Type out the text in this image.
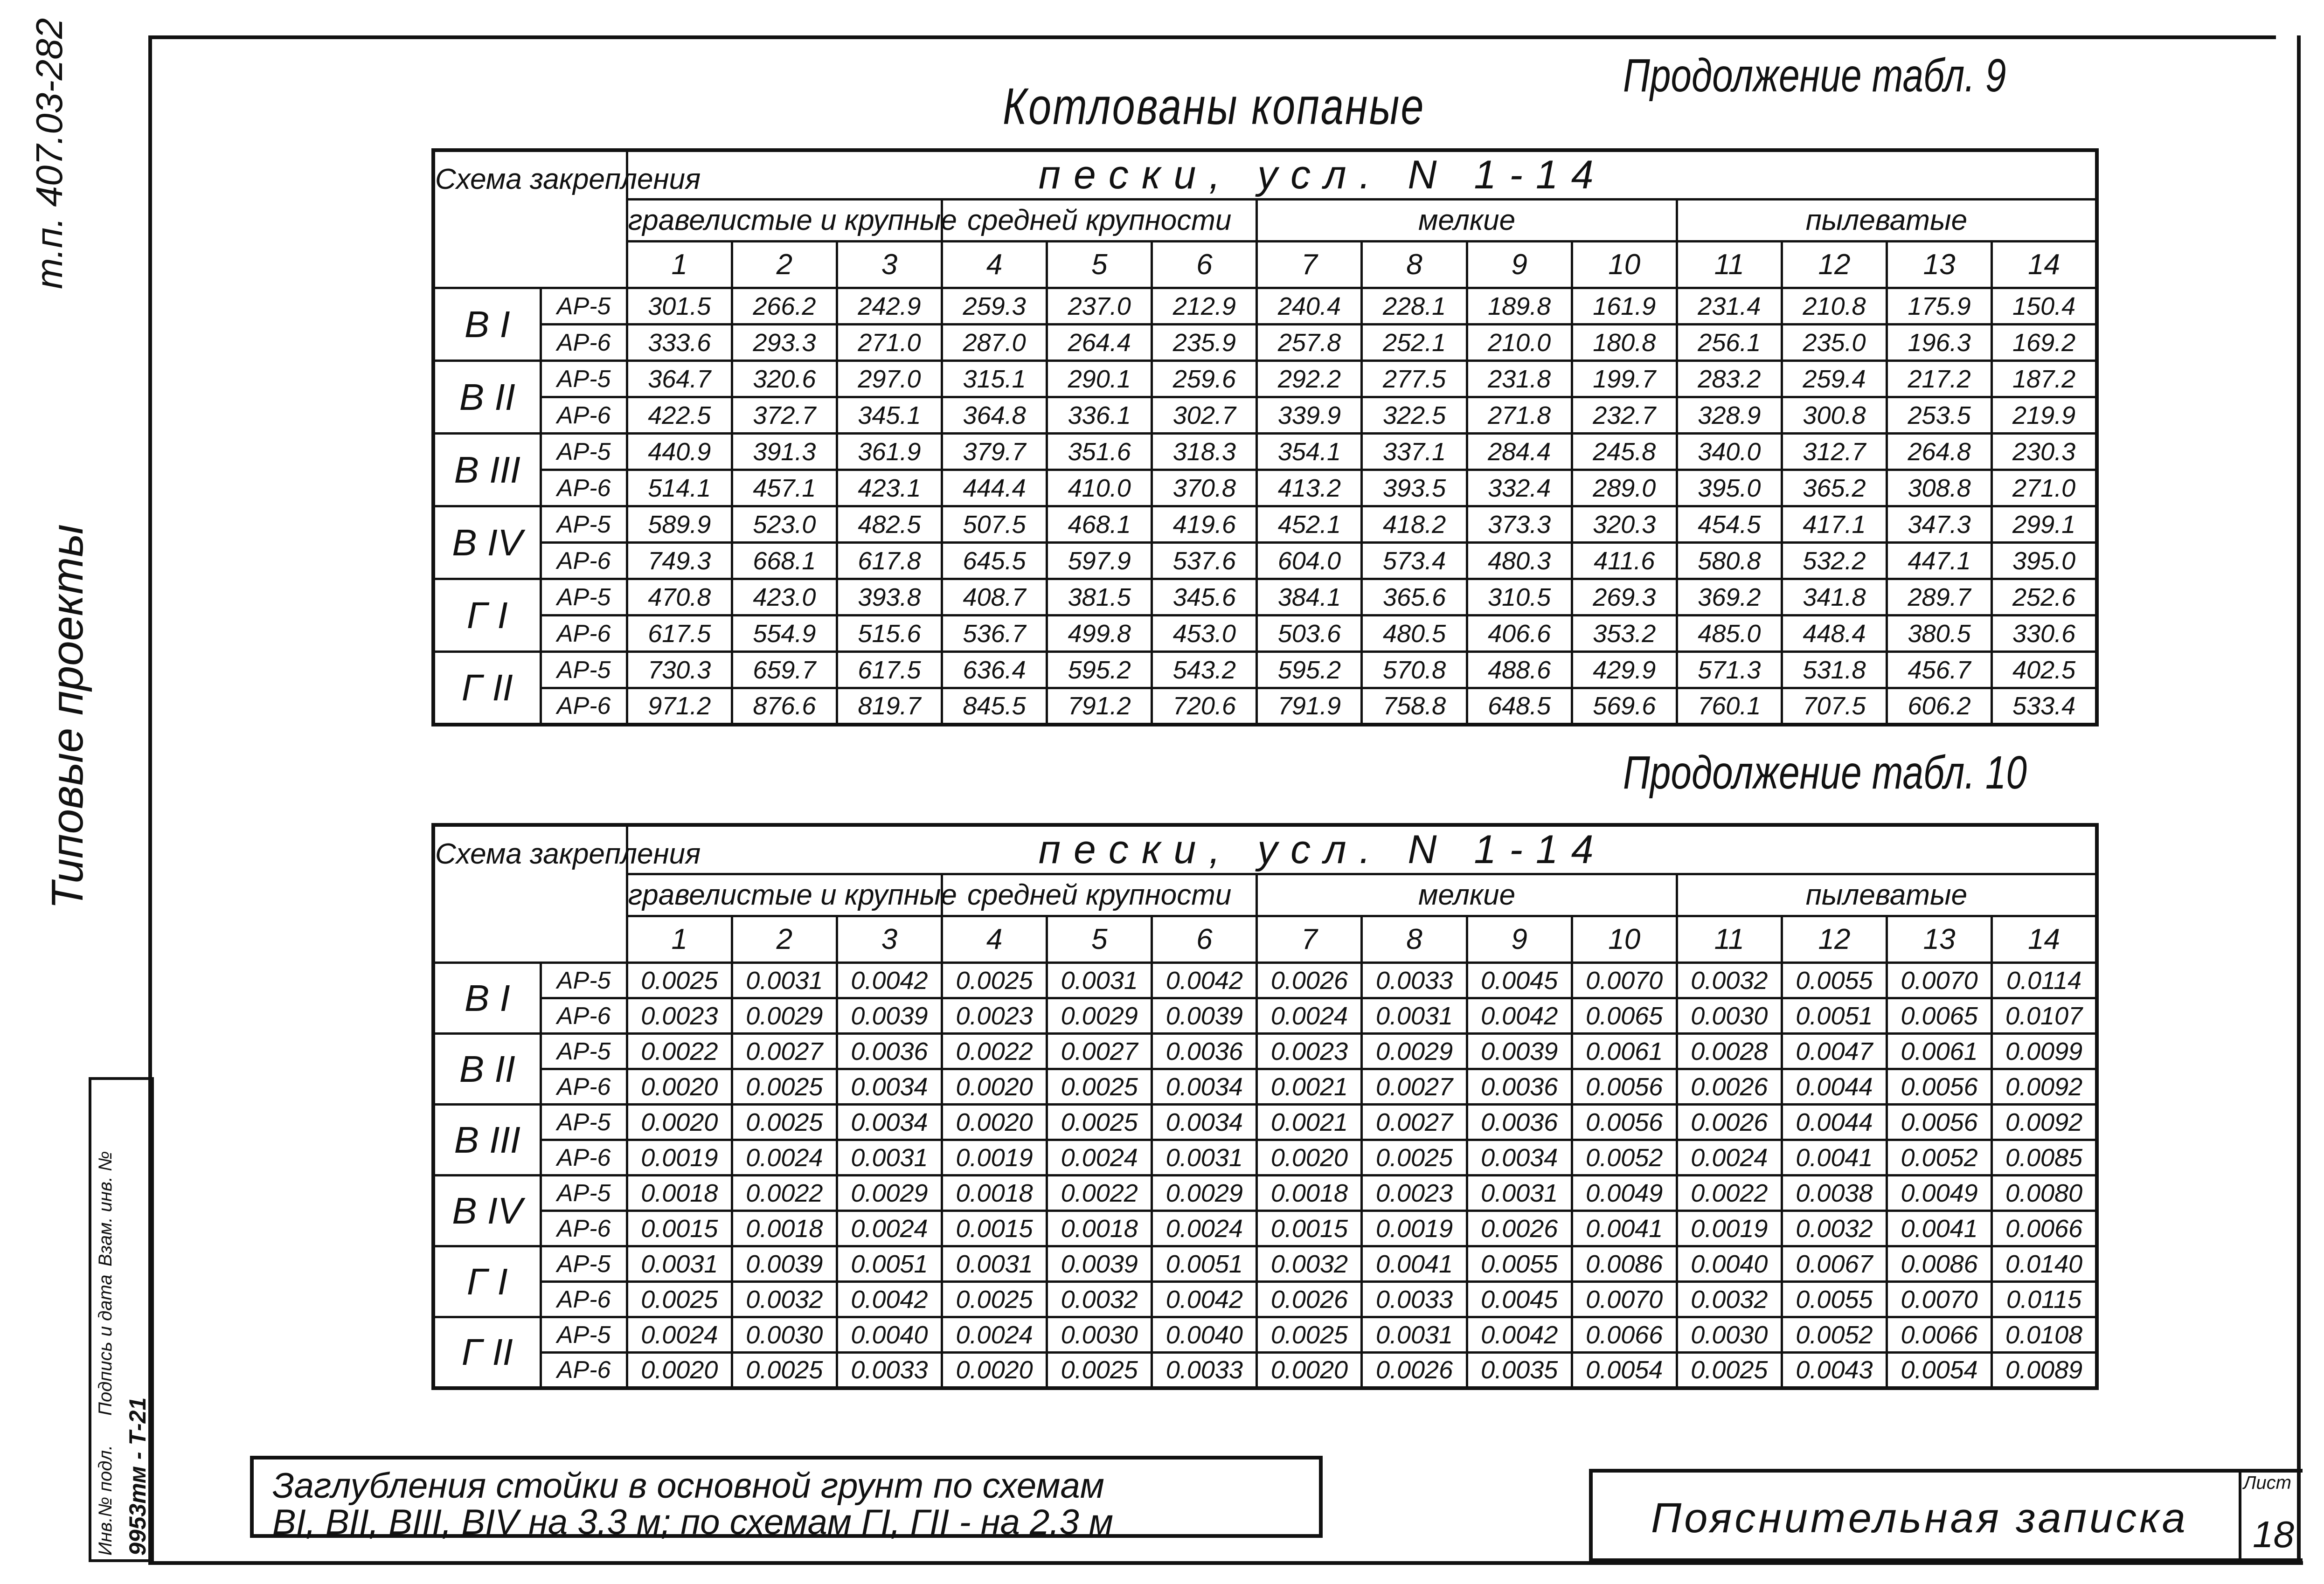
т.п. 407.03-282
Типовые проекты
Инв.№ подл.
Подпись и дата
Взам. инв. №
9953тм - Т-21
Продолжение табл. 9
Котлованы копаные
Продолжение табл. 10
Схема закрепления		пески, усл. N 1-14													
		гравелистые и крупные			средней крупности			мелкие				пылеватые			
		1	2	3	4	5	6	7	8	9	10	11	12	13	14
B I	AP-5	301.5	266.2	242.9	259.3	237.0	212.9	240.4	228.1	189.8	161.9	231.4	210.8	175.9	150.4
	AP-6	333.6	293.3	271.0	287.0	264.4	235.9	257.8	252.1	210.0	180.8	256.1	235.0	196.3	169.2
B II	AP-5	364.7	320.6	297.0	315.1	290.1	259.6	292.2	277.5	231.8	199.7	283.2	259.4	217.2	187.2
	AP-6	422.5	372.7	345.1	364.8	336.1	302.7	339.9	322.5	271.8	232.7	328.9	300.8	253.5	219.9
B III	AP-5	440.9	391.3	361.9	379.7	351.6	318.3	354.1	337.1	284.4	245.8	340.0	312.7	264.8	230.3
	AP-6	514.1	457.1	423.1	444.4	410.0	370.8	413.2	393.5	332.4	289.0	395.0	365.2	308.8	271.0
B IV	AP-5	589.9	523.0	482.5	507.5	468.1	419.6	452.1	418.2	373.3	320.3	454.5	417.1	347.3	299.1
	AP-6	749.3	668.1	617.8	645.5	597.9	537.6	604.0	573.4	480.3	411.6	580.8	532.2	447.1	395.0
Г I	AP-5	470.8	423.0	393.8	408.7	381.5	345.6	384.1	365.6	310.5	269.3	369.2	341.8	289.7	252.6
	AP-6	617.5	554.9	515.6	536.7	499.8	453.0	503.6	480.5	406.6	353.2	485.0	448.4	380.5	330.6
Г II	AP-5	730.3	659.7	617.5	636.4	595.2	543.2	595.2	570.8	488.6	429.9	571.3	531.8	456.7	402.5
	AP-6	971.2	876.6	819.7	845.5	791.2	720.6	791.9	758.8	648.5	569.6	760.1	707.5	606.2	533.4
Схема закрепления		пески, усл. N 1-14													
		гравелистые и крупные			средней крупности			мелкие				пылеватые			
		1	2	3	4	5	6	7	8	9	10	11	12	13	14
B I	AP-5	0.0025	0.0031	0.0042	0.0025	0.0031	0.0042	0.0026	0.0033	0.0045	0.0070	0.0032	0.0055	0.0070	0.0114
	AP-6	0.0023	0.0029	0.0039	0.0023	0.0029	0.0039	0.0024	0.0031	0.0042	0.0065	0.0030	0.0051	0.0065	0.0107
B II	AP-5	0.0022	0.0027	0.0036	0.0022	0.0027	0.0036	0.0023	0.0029	0.0039	0.0061	0.0028	0.0047	0.0061	0.0099
	AP-6	0.0020	0.0025	0.0034	0.0020	0.0025	0.0034	0.0021	0.0027	0.0036	0.0056	0.0026	0.0044	0.0056	0.0092
B III	AP-5	0.0020	0.0025	0.0034	0.0020	0.0025	0.0034	0.0021	0.0027	0.0036	0.0056	0.0026	0.0044	0.0056	0.0092
	AP-6	0.0019	0.0024	0.0031	0.0019	0.0024	0.0031	0.0020	0.0025	0.0034	0.0052	0.0024	0.0041	0.0052	0.0085
B IV	AP-5	0.0018	0.0022	0.0029	0.0018	0.0022	0.0029	0.0018	0.0023	0.0031	0.0049	0.0022	0.0038	0.0049	0.0080
	AP-6	0.0015	0.0018	0.0024	0.0015	0.0018	0.0024	0.0015	0.0019	0.0026	0.0041	0.0019	0.0032	0.0041	0.0066
Г I	AP-5	0.0031	0.0039	0.0051	0.0031	0.0039	0.0051	0.0032	0.0041	0.0055	0.0086	0.0040	0.0067	0.0086	0.0140
	AP-6	0.0025	0.0032	0.0042	0.0025	0.0032	0.0042	0.0026	0.0033	0.0045	0.0070	0.0032	0.0055	0.0070	0.0115
Г II	AP-5	0.0024	0.0030	0.0040	0.0024	0.0030	0.0040	0.0025	0.0031	0.0042	0.0066	0.0030	0.0052	0.0066	0.0108
	AP-6	0.0020	0.0025	0.0033	0.0020	0.0025	0.0033	0.0020	0.0026	0.0035	0.0054	0.0025	0.0043	0.0054	0.0089
Заглубления стойки в основной грунт по схемам
BI, BII, BIII, BIV на 3.3 м; по схемам ГI, ГII - на 2.3 м	Пояснительная записка
Лист
18
